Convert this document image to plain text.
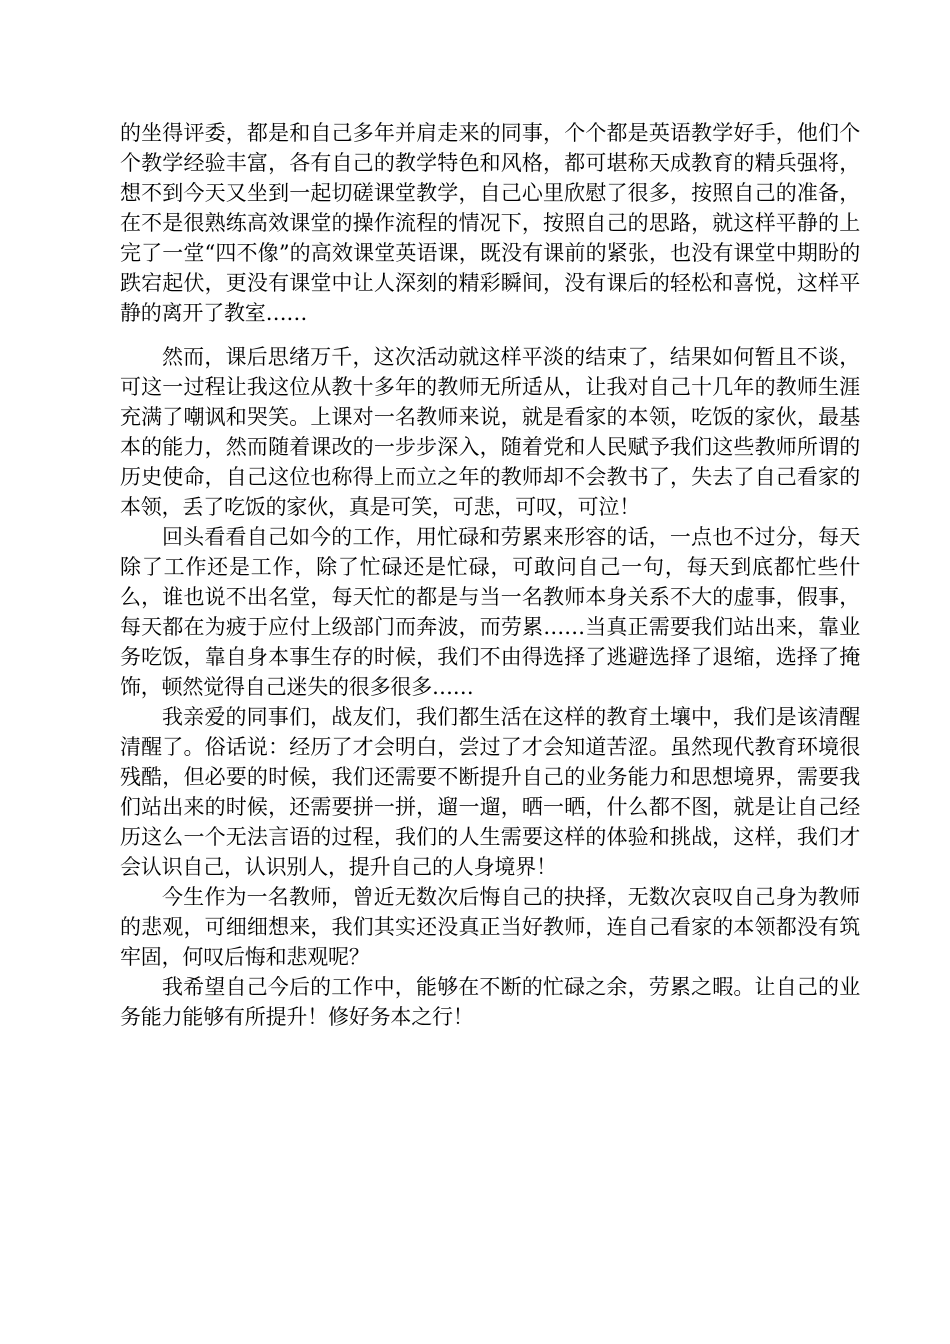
的坐得评委，都是和自己多年并肩走来的同事，个个都是英语教学好手，他们个个教学经验丰富，各有自己的教学特色和风格，都可堪称天成教育的精兵强将，想不到今天又坐到一起切磋课堂教学，自己心里欣慰了很多，按照自己的准备，在不是很熟练高效课堂的操作流程的情况下，按照自己的思路，就这样平静的上完了一堂“四不像”的高效课堂英语课，既没有课前的紧张，也没有课堂中期盼的跌宕起伏，更没有课堂中让人深刻的精彩瞬间，没有课后的轻松和喜悦，这样平静的离开了教室……

然而，课后思绪万千，这次活动就这样平淡的结束了，结果如何暂且不谈，可这一过程让我这位从教十多年的教师无所适从，让我对自己十几年的教师生涯充满了嘲讽和哭笑。上课对一名教师来说，就是看家的本领，吃饭的家伙，最基本的能力，然而随着课改的一步步深入，随着党和人民赋予我们这些教师所谓的历史使命，自己这位也称得上而立之年的教师却不会教书了，失去了自己看家的本领，丢了吃饭的家伙，真是可笑，可悲，可叹，可泣！

回头看看自己如今的工作，用忙碌和劳累来形容的话，一点也不过分，每天除了工作还是工作，除了忙碌还是忙碌，可敢问自己一句，每天到底都忙些什么，谁也说不出名堂，每天忙的都是与当一名教师本身关系不大的虚事，假事，每天都在为疲于应付上级部门而奔波，而劳累……当真正需要我们站出来，靠业务吃饭，靠自身本事生存的时候，我们不由得选择了逃避选择了退缩，选择了掩饰，顿然觉得自己迷失的很多很多……

我亲爱的同事们，战友们，我们都生活在这样的教育土壤中，我们是该清醒清醒了。俗话说：经历了才会明白，尝过了才会知道苦涩。虽然现代教育环境很残酷，但必要的时候，我们还需要不断提升自己的业务能力和思想境界，需要我们站出来的时候，还需要拼一拼，遛一遛，晒一晒，什么都不图，就是让自己经历这么一个无法言语的过程，我们的人生需要这样的体验和挑战，这样，我们才会认识自己，认识别人，提升自己的人身境界！

今生作为一名教师，曾近无数次后悔自己的抉择，无数次哀叹自己身为教师的悲观，可细细想来，我们其实还没真正当好教师，连自己看家的本领都没有筑牢固，何叹后悔和悲观呢？

我希望自己今后的工作中，能够在不断的忙碌之余，劳累之暇。让自己的业务能力能够有所提升！修好务本之行！
